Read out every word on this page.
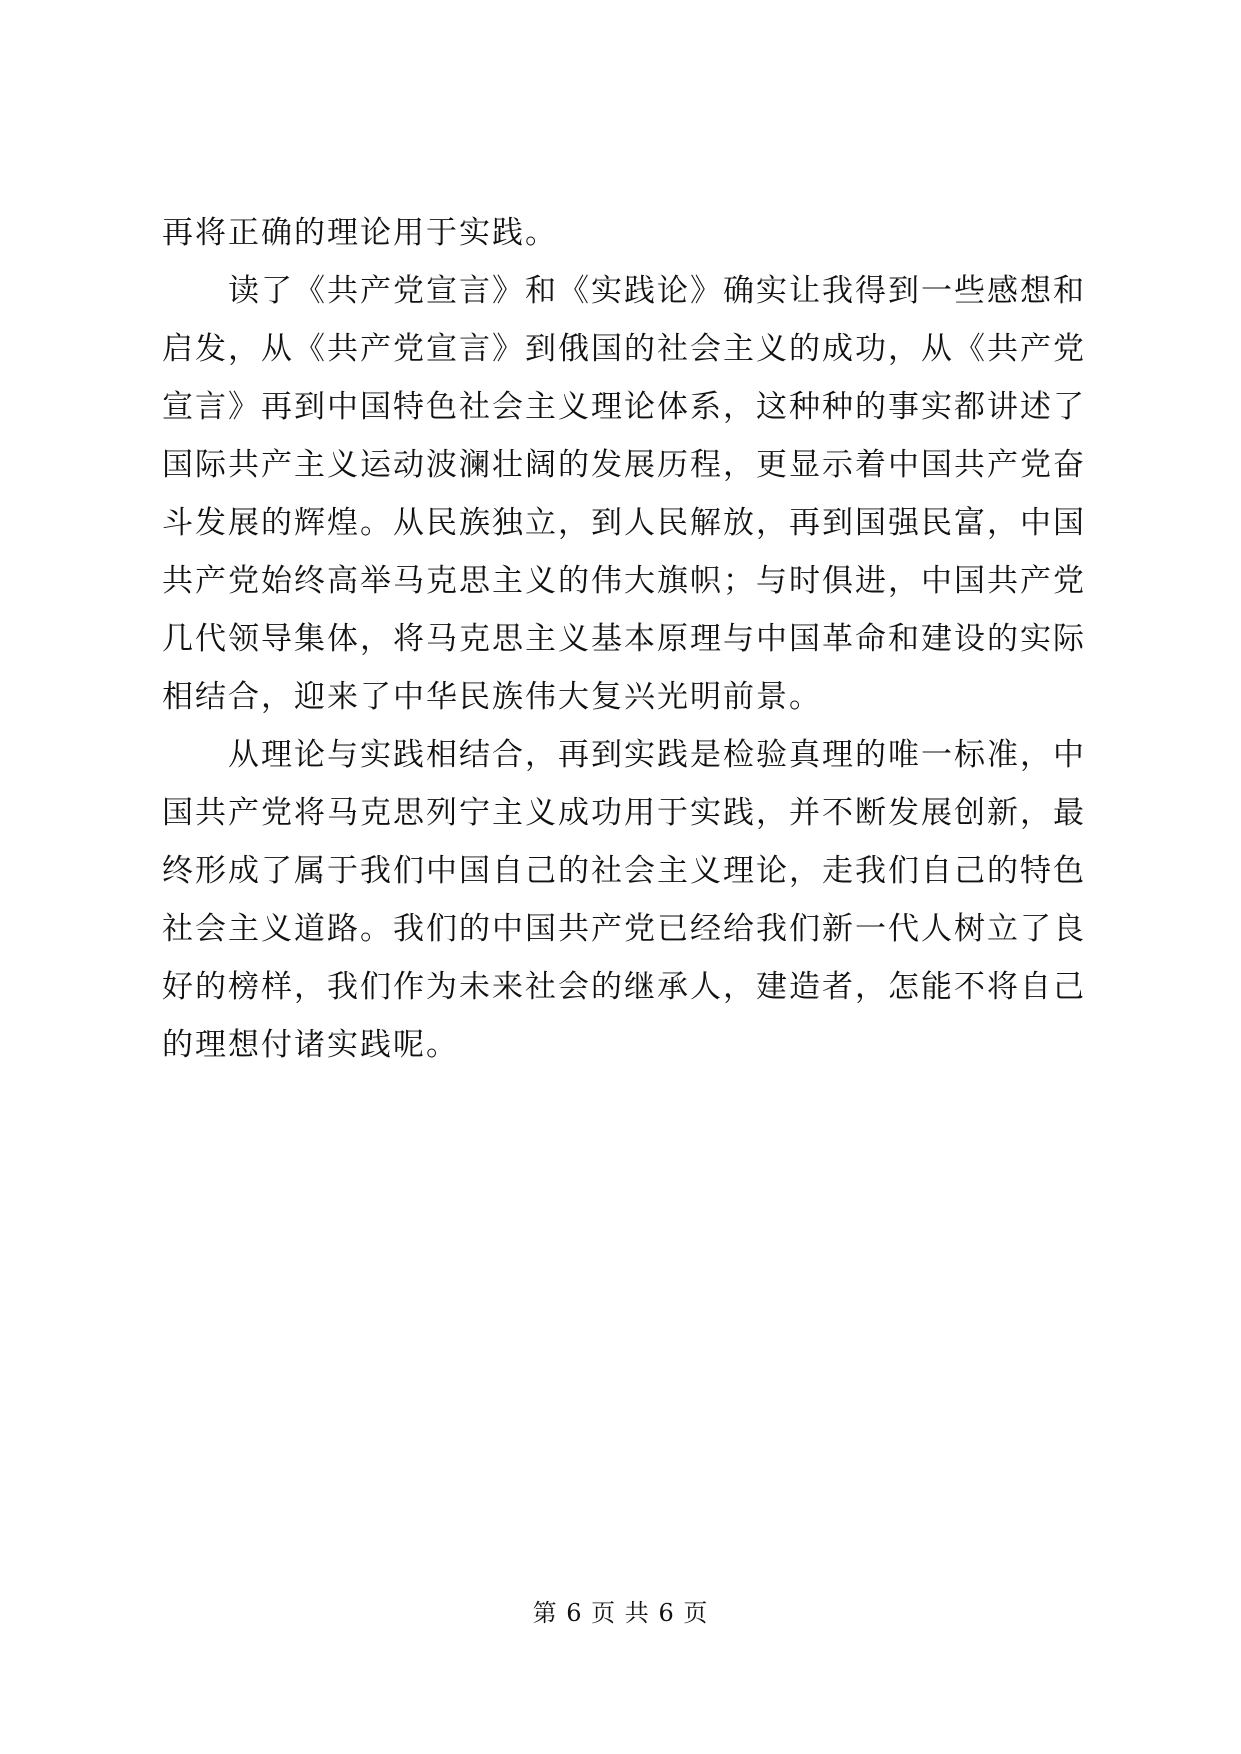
再将正确的理论用于实践。
读了《共产党宣言》和《实践论》确实让我得到一些感想和
启发，从《共产党宣言》到俄国的社会主义的成功，从《共产党
宣言》再到中国特色社会主义理论体系，这种种的事实都讲述了
国际共产主义运动波澜壮阔的发展历程，更显示着中国共产党奋
斗发展的辉煌。从民族独立，到人民解放，再到国强民富，中国
共产党始终高举马克思主义的伟大旗帜；与时俱进，中国共产党
几代领导集体，将马克思主义基本原理与中国革命和建设的实际
相结合，迎来了中华民族伟大复兴光明前景。
从理论与实践相结合，再到实践是检验真理的唯一标准，中
国共产党将马克思列宁主义成功用于实践，并不断发展创新，最
终形成了属于我们中国自己的社会主义理论，走我们自己的特色
社会主义道路。我们的中国共产党已经给我们新一代人树立了良
好的榜样，我们作为未来社会的继承人，建造者，怎能不将自己
的理想付诸实践呢。
第 6 页 共 6 页
